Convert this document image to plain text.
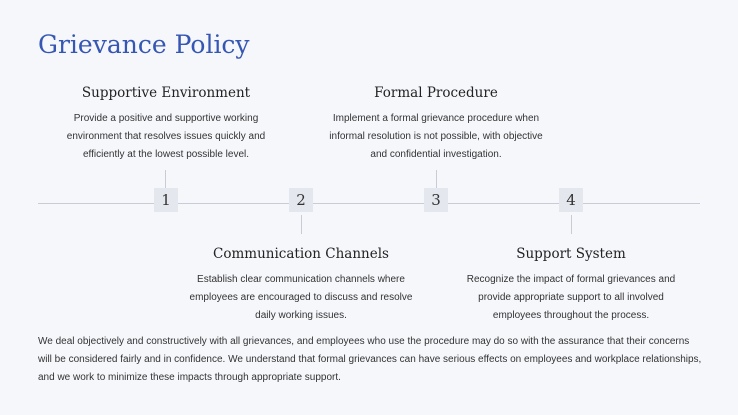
Grievance Policy
1	2	3	4
Supportive Environment
Provide a positive and supportive working environment that resolves issues quickly and efficiently at the lowest possible level.
Formal Procedure
Implement a formal grievance procedure when informal resolution is not possible, with objective and confidential investigation.
Communication Channels
Establish clear communication channels where employees are encouraged to discuss and resolve daily working issues.
Support System
Recognize the impact of formal grievances and provide appropriate support to all involved employees throughout the process.

We deal objectively and constructively with all grievances, and employees who use the procedure may do so with the assurance that their concerns will be considered fairly and in confidence. We understand that formal grievances can have serious effects on employees and workplace relationships, and we work to minimize these impacts through appropriate support.
